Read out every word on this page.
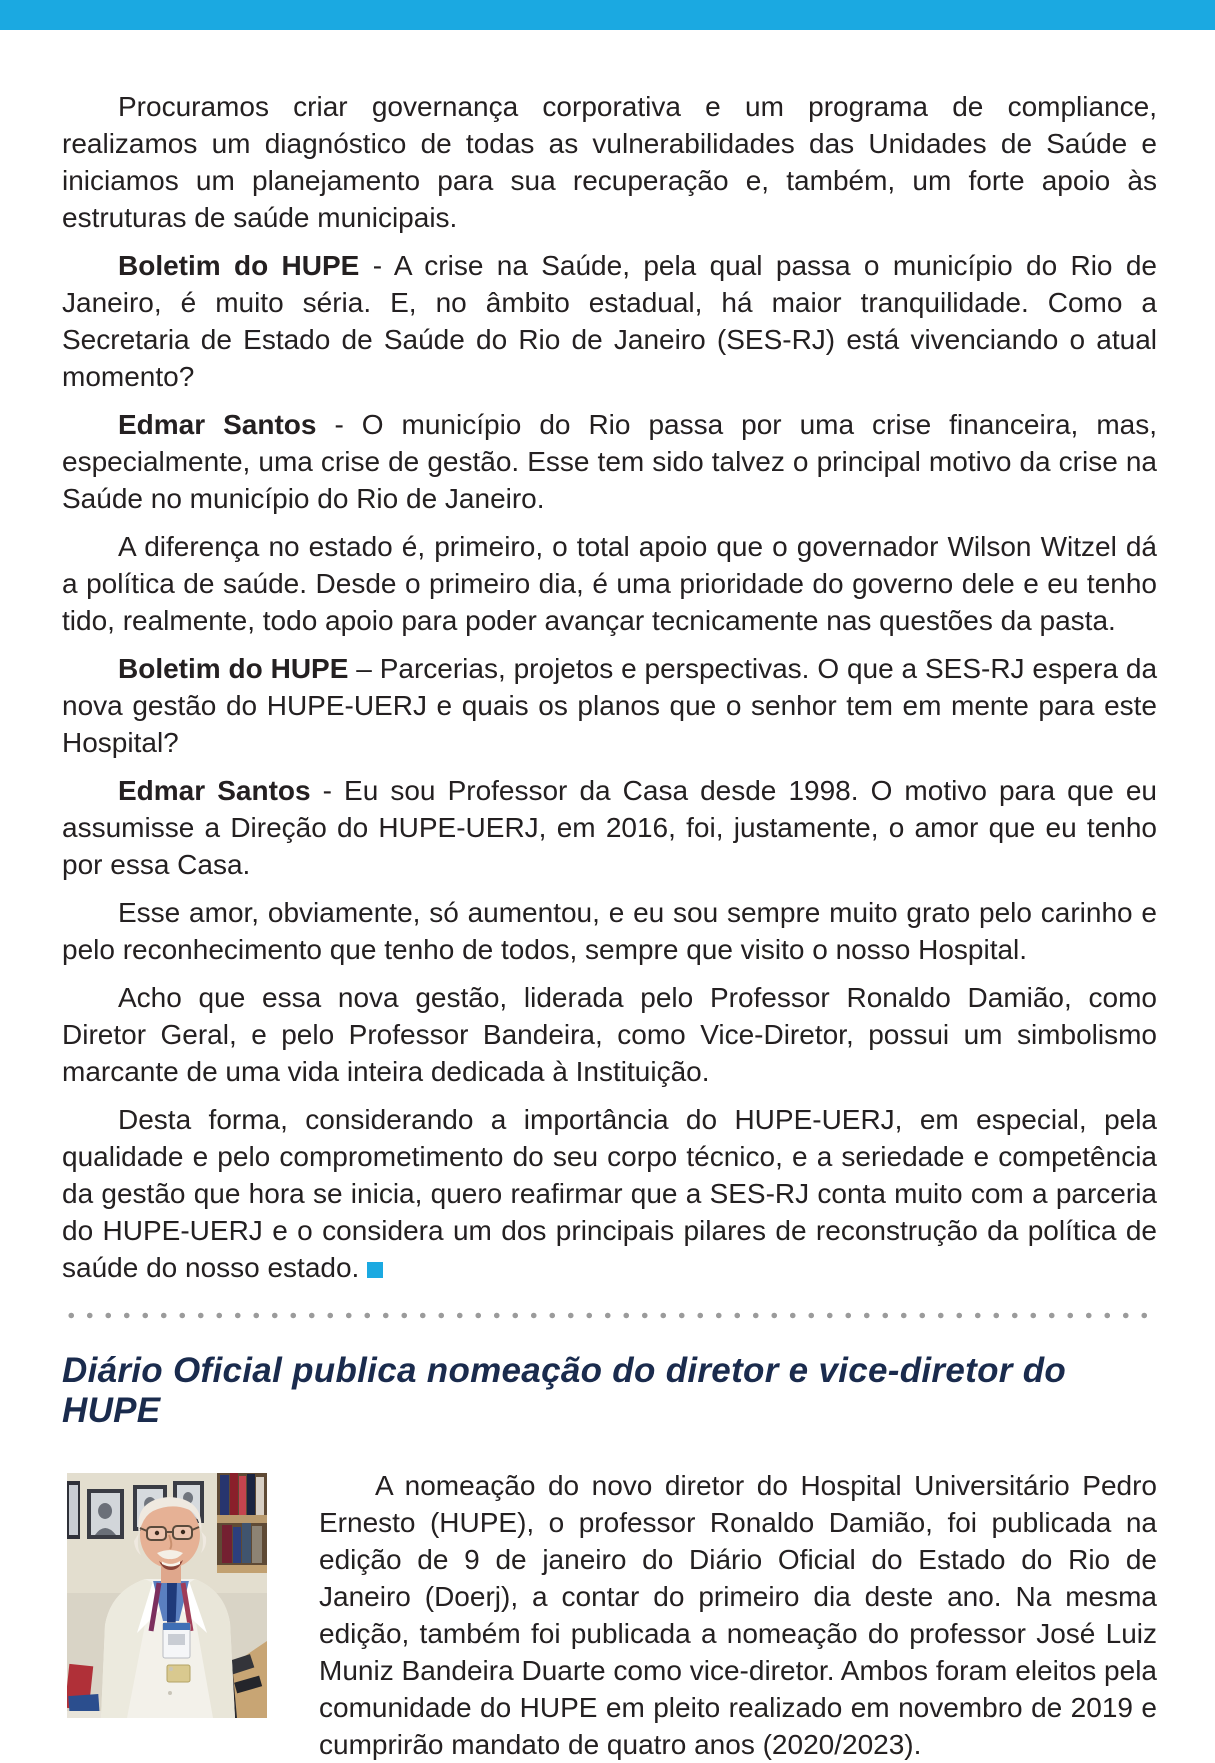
Procuramos criar governança corporativa e um programa de compliance, realizamos um diagnóstico de todas as vulnerabilidades das Unidades de Saúde e iniciamos um planejamento para sua recuperação e, também, um forte apoio às estruturas de saúde municipais.

Boletim do HUPE - A crise na Saúde, pela qual passa o município do Rio de Janeiro, é muito séria. E, no âmbito estadual, há maior tranquilidade. Como a Secretaria de Estado de Saúde do Rio de Janeiro (SES-RJ) está vivenciando o atual momento?

Edmar Santos - O município do Rio passa por uma crise financeira, mas, especialmente, uma crise de gestão. Esse tem sido talvez o principal motivo da crise na Saúde no município do Rio de Janeiro.

A diferença no estado é, primeiro, o total apoio que o governador Wilson Witzel dá a política de saúde. Desde o primeiro dia, é uma prioridade do governo dele e eu tenho tido, realmente, todo apoio para poder avançar tecnicamente nas questões da pasta.

Boletim do HUPE – Parcerias, projetos e perspectivas. O que a SES-RJ espera da nova gestão do HUPE-UERJ e quais os planos que o senhor tem em mente para este Hospital?

Edmar Santos - Eu sou Professor da Casa desde 1998. O motivo para que eu assumisse a Direção do HUPE-UERJ, em 2016, foi, justamente, o amor que eu tenho por essa Casa.

Esse amor, obviamente, só aumentou, e eu sou sempre muito grato pelo carinho e pelo reconhecimento que tenho de todos, sempre que visito o nosso Hospital.

Acho que essa nova gestão, liderada pelo Professor Ronaldo Damião, como Diretor Geral, e pelo Professor Bandeira, como Vice-Diretor, possui um simbolismo marcante de uma vida inteira dedicada à Instituição.

Desta forma, considerando a importância do HUPE-UERJ, em especial, pela qualidade e pelo comprometimento do seu corpo técnico, e a seriedade e competência da gestão que hora se inicia, quero reafirmar que a SES-RJ conta muito com a parceria do HUPE-UERJ e o considera um dos principais pilares de reconstrução da política de saúde do nosso estado.

Diário Oficial publica nomeação do diretor e vice-diretor do HUPE

A nomeação do novo diretor do Hospital Universitário Pedro Ernesto (HUPE), o professor Ronaldo Damião, foi publicada na edição de 9 de janeiro do Diário Oficial do Estado do Rio de Janeiro (Doerj), a contar do primeiro dia deste ano. Na mesma edição, também foi publicada a nomeação do professor José Luiz Muniz Bandeira Duarte como vice-diretor. Ambos foram eleitos pela comunidade do HUPE em pleito realizado em novembro de 2019 e cumprirão mandato de quatro anos (2020/2023).
